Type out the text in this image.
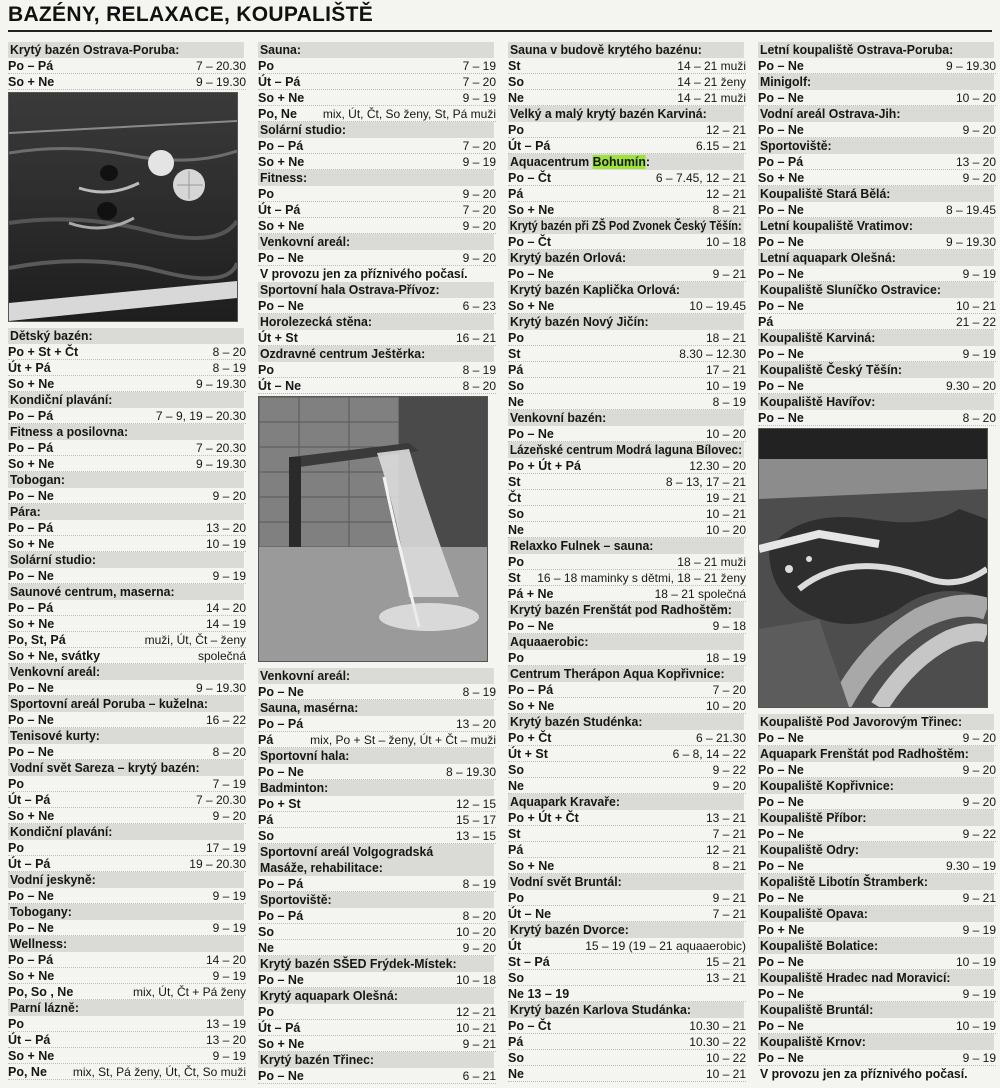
BAZÉNY, RELAXACE, KOUPALIŠTĚ
Krytý bazén Ostrava-Poruba:
Po – Pá	7 – 20.30
So + Ne	9 – 19.30
Dětský bazén:
Po + St + Čt	8 – 20
Út + Pá	8 – 19
So + Ne	9 – 19.30
Kondiční plavání:
Po – Pá	7 – 9, 19 – 20.30
Fitness a posilovna:
Po – Pá	7 – 20.30
So + Ne	9 – 19.30
Tobogan:
Po – Ne	9 – 20
Pára:
Po – Pá	13 – 20
So + Ne	10 – 19
Solární studio:
Po – Ne	9 – 19
Saunové centrum, maserna:
Po – Pá	14 – 20
So + Ne	14 – 19
Po, St, Pá	muži, Út, Čt – ženy
So + Ne, svátky	společná
Venkovní areál:
Po – Ne	9 – 19.30
Sportovní areál Poruba – kuželna:
Po – Ne	16 – 22
Tenisové kurty:
Po – Ne	8 – 20
Vodní svět Sareza – krytý bazén:
Po	7 – 19
Út – Pá	7 – 20.30
So + Ne	9 – 20
Kondiční plavání:
Po	17 – 19
Út – Pá	19 – 20.30
Vodní jeskyně:
Po – Ne	9 – 19
Tobogany:
Po – Ne	9 – 19
Wellness:
Po – Pá	14 – 20
So + Ne	9 – 19
Po, So , Ne	mix, Út, Čt + Pá ženy
Parní lázně:
Po	13 – 19
Út – Pá	13 – 20
So + Ne	9 – 19
Po, Ne mix, St, Pá ženy, Út, Čt, So muži
Sauna:
Po	7 – 19
Út – Pá	7 – 20
So + Ne	9 – 19
Po, Ne mix, Út, Čt, So ženy, St, Pá muži
Solární studio:
Po – Pá	7 – 20
So + Ne	9 – 19
Fitness:
Po	9 – 20
Út – Pá	7 – 20
So + Ne	9 – 20
Venkovní areál:
Po – Ne	9 – 20
V provozu jen za příznivého počasí.
Sportovní hala Ostrava-Přívoz:
Po – Ne	6 – 23
Horolezecká stěna:
Út + St	16 – 21
Ozdravné centrum Ještěrka:
Po	8 – 19
Út – Ne	8 – 20
Venkovní areál:
Po – Ne	8 – 19
Sauna, masérna:
Po – Pá	13 – 20
Pá	mix, Po + St – ženy, Út + Čt – muži
Sportovní hala:
Po – Ne	8 – 19.30
Badminton:
Po + St	12 – 15
Pá	15 – 17
So	13 – 15
Sportovní areál Volgogradská
Masáže, rehabilitace:
Po – Pá	8 – 19
Sportoviště:
Po – Pá	8 – 20
So	10 – 20
Ne	9 – 20
Krytý bazén SŠED Frýdek-Místek:
Po – Ne	10 – 18
Krytý aquapark Olešná:
Po	12 – 21
Út – Pá	10 – 21
So + Ne	9 – 21
Krytý bazén Třinec:
Po – Ne	6 – 21
Sauna v budově krytého bazénu:
St	14 – 21 muži
So	14 – 21 ženy
Ne	14 – 21 muži
Velký a malý krytý bazén Karviná:
Po	12 – 21
Út – Pá	6.15 – 21
Aquacentrum Bohumín:
Po – Čt	6 – 7.45, 12 – 21
Pá	12 – 21
So + Ne	8 – 21
Krytý bazén při ZŠ Pod Zvonek Český Těšín:
Po – Čt	10 – 18
Krytý bazén Orlová:
Po – Ne	9 – 21
Krytý bazén Kaplička Orlová:
So + Ne	10 – 19.45
Krytý bazén Nový Jičín:
Po	18 – 21
St	8.30 – 12.30
Pá	17 – 21
So	10 – 19
Ne	8 – 19
Venkovní bazén:
Po – Ne	10 – 20
Lázeňské centrum Modrá laguna Bílovec:
Po + Út + Pá	12.30 – 20
St	8 – 13, 17 – 21
Čt	19 – 21
So	10 – 21
Ne	10 – 20
Relaxko Fulnek – sauna:
Po	18 – 21 muži
St 16 – 18 maminky s dětmi, 18 – 21 ženy
Pá + Ne	18 – 21 společná
Krytý bazén Frenštát pod Radhoštěm:
Po – Ne	9 – 18
Aquaaerobic:
Po	18 – 19
Centrum Therápon Aqua Kopřivnice:
Po – Pá	7 – 20
So + Ne	10 – 20
Krytý bazén Studénka:
Po + Čt	6 – 21.30
Út + St	6 – 8, 14 – 22
So	9 – 22
Ne	9 – 20
Aquapark Kravaře:
Po + Út + Čt	13 – 21
St	7 – 21
Pá	12 – 21
So + Ne	8 – 21
Vodní svět Bruntál:
Po	9 – 21
Út – Ne	7 – 21
Krytý bazén Dvorce:
Út	15 – 19 (19 – 21 aquaaerobic)
St – Pá	15 – 21
So	13 – 21
Ne 13 – 19
Krytý bazén Karlova Studánka:
Po – Čt	10.30 – 21
Pá	10.30 – 22
So	10 – 22
Ne	10 – 21
Letní koupaliště Ostrava-Poruba:
Po – Ne	9 – 19.30
Minigolf:
Po – Ne	10 – 20
Vodní areál Ostrava-Jih:
Po – Ne	9 – 20
Sportoviště:
Po – Pá	13 – 20
So + Ne	9 – 20
Koupaliště Stará Bělá:
Po – Ne	8 – 19.45
Letní koupaliště Vratimov:
Po – Ne	9 – 19.30
Letní aquapark Olešná:
Po – Ne	9 – 19
Koupaliště Sluníčko Ostravice:
Po – Ne	10 – 21
Pá	21 – 22
Koupaliště Karviná:
Po – Ne	9 – 19
Koupaliště Český Těšín:
Po – Ne	9.30 – 20
Koupaliště Havířov:
Po – Ne	8 – 20
Koupaliště Pod Javorovým Třinec:
Po – Ne	9 – 20
Aquapark Frenštát pod Radhoštěm:
Po – Ne	9 – 20
Koupaliště Kopřivnice:
Po – Ne	9 – 20
Koupaliště Příbor:
Po – Ne	9 – 22
Koupaliště Odry:
Po – Ne	9.30 – 19
Kopaliště Libotín Štramberk:
Po – Ne	9 – 21
Koupaliště Opava:
Po + Ne	9 – 19
Koupaliště Bolatice:
Po – Ne	10 – 19
Koupaliště Hradec nad Moravicí:
Po – Ne	9 – 19
Koupaliště Bruntál:
Po – Ne	10 – 19
Koupaliště Krnov:
Po – Ne	9 – 19
V provozu jen za příznivého počasí.
